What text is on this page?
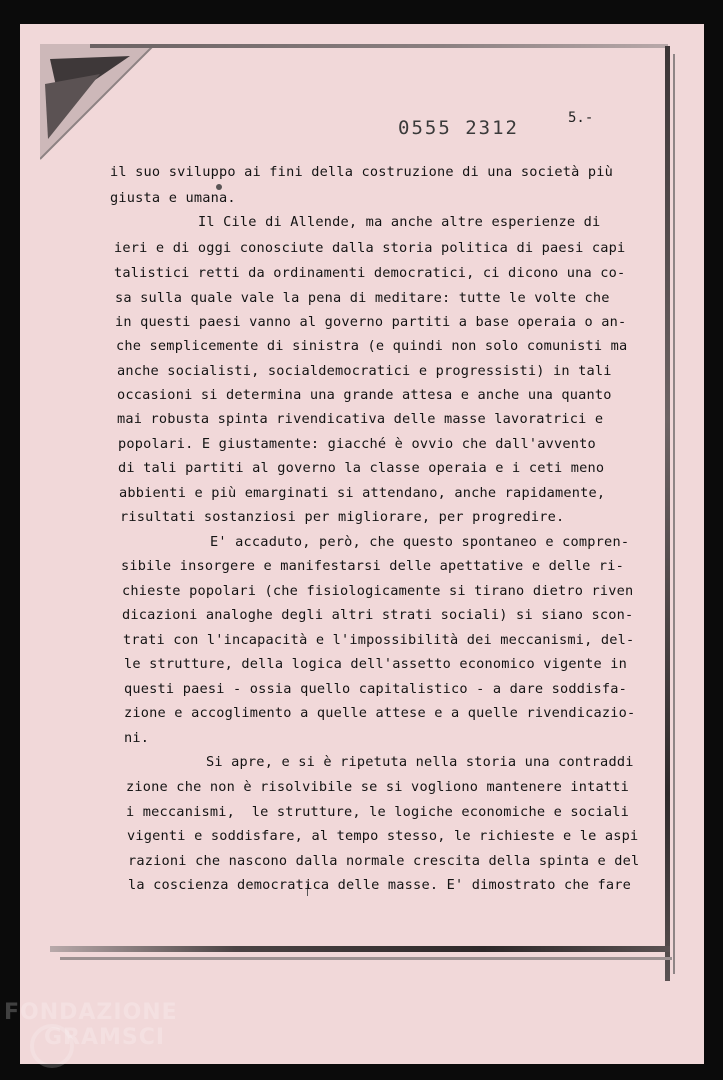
0555 2312	5.-
il suo sviluppo ai fini della costruzione di una società più
giusta e umana.
Il Cile di Allende, ma anche altre esperienze di
ieri e di oggi conosciute dalla storia politica di paesi capi
talistici retti da ordinamenti democratici, ci dicono una co-
sa sulla quale vale la pena di meditare: tutte le volte che
in questi paesi vanno al governo partiti a base operaia o an-
che semplicemente di sinistra (e quindi non solo comunisti ma
anche socialisti, socialdemocratici e progressisti) in tali
occasioni si determina una grande attesa e anche una quanto
mai robusta spinta rivendicativa delle masse lavoratrici e
popolari. E giustamente: giacché è ovvio che dall'avvento
di tali partiti al governo la classe operaia e i ceti meno
abbienti e più emarginati si attendano, anche rapidamente,
risultati sostanziosi per migliorare, per progredire.
E' accaduto, però, che questo spontaneo e compren-
sibile insorgere e manifestarsi delle apettative e delle ri-
chieste popolari (che fisiologicamente si tirano dietro riven
dicazioni analoghe degli altri strati sociali) si siano scon-
trati con l'incapacità e l'impossibilità dei meccanismi, del-
le strutture, della logica dell'assetto economico vigente in
questi paesi - ossia quello capitalistico - a dare soddisfa-
zione e accoglimento a quelle attese e a quelle rivendicazio-
ni.
Si apre, e si è ripetuta nella storia una contraddi
zione che non è risolvibile se si vogliono mantenere intatti
i meccanismi,  le strutture, le logiche economiche e sociali
vigenti e soddisfare, al tempo stesso, le richieste e le aspi
razioni che nascono dalla normale crescita della spinta e del
la coscienza democratica delle masse. E' dimostrato che fare
FONDAZIONE
GRAMSCI
